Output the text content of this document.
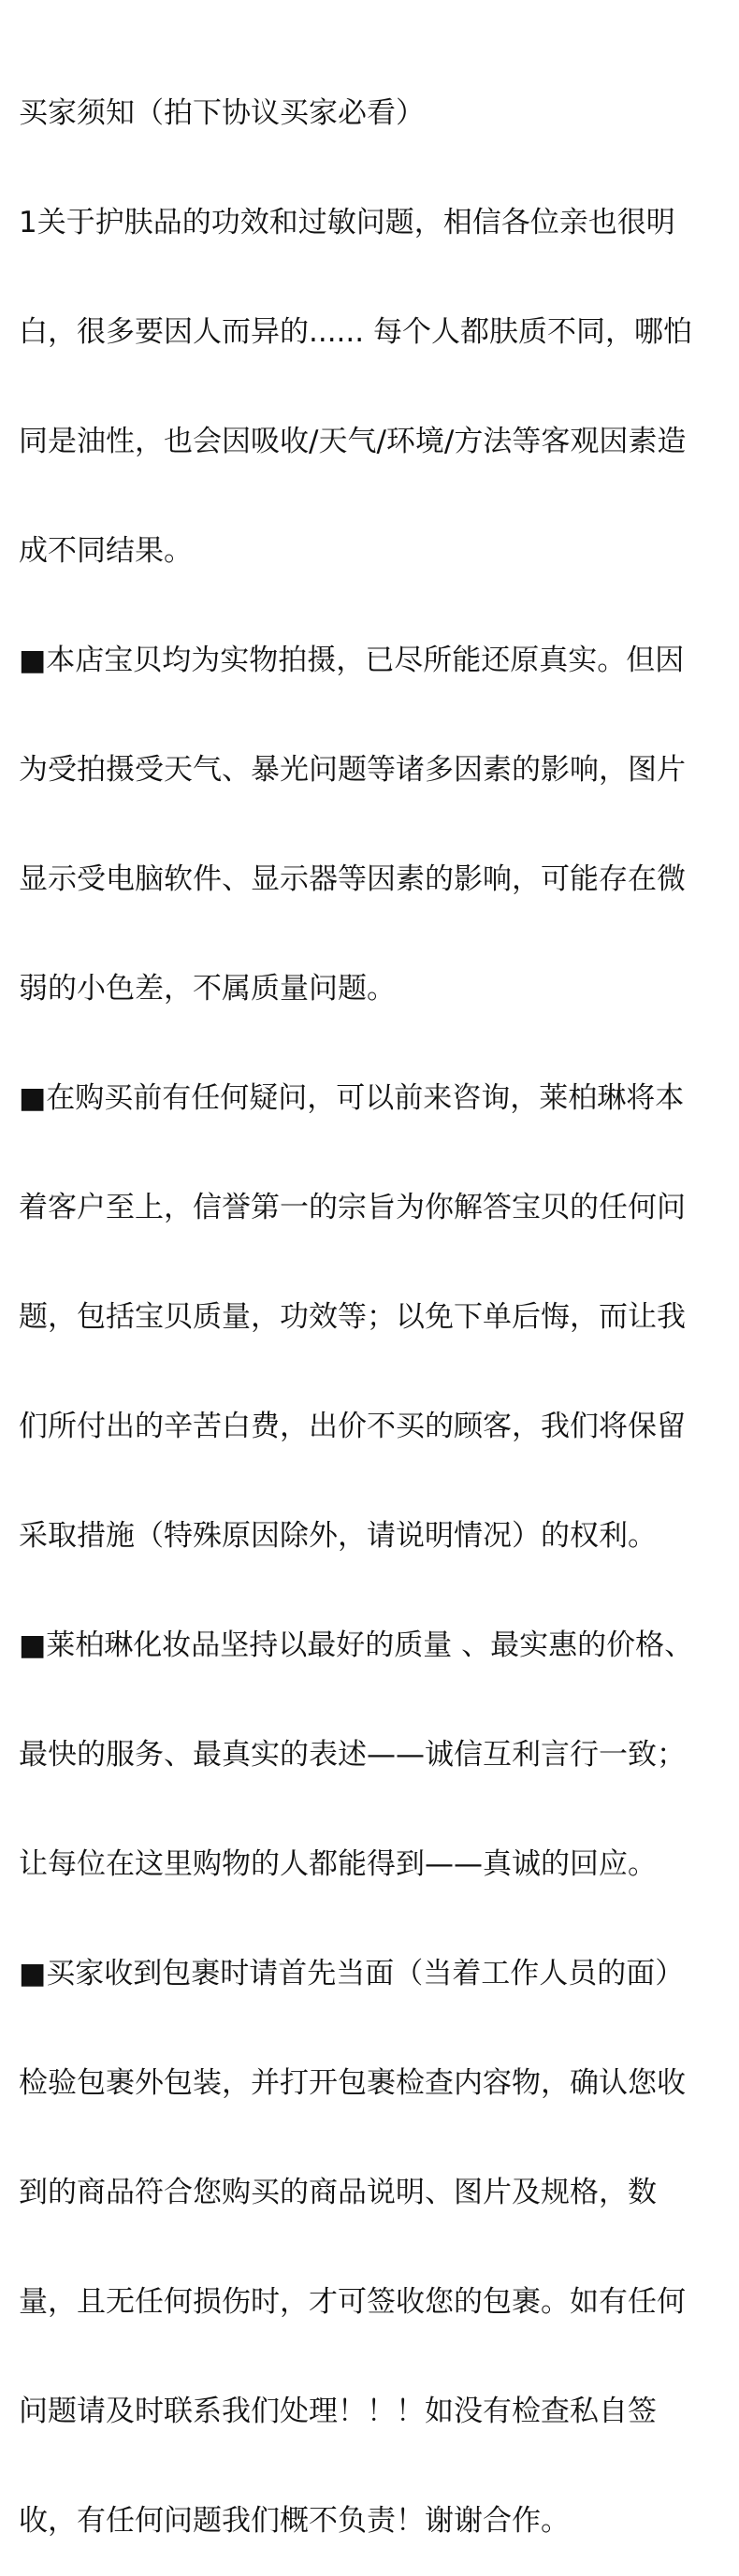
买家须知（拍下协议买家必看）

1关于护肤品的功效和过敏问题，相信各位亲也很明

白，很多要因人而异的...... 每个人都肤质不同，哪怕

同是油性，也会因吸收/天气/环境/方法等客观因素造

成不同结果。

■本店宝贝均为实物拍摄，已尽所能还原真实。但因

为受拍摄受天气、暴光问题等诸多因素的影响，图片

显示受电脑软件、显示器等因素的影响，可能存在微

弱的小色差，不属质量问题。

■在购买前有任何疑问，可以前来咨询，莱柏琳将本

着客户至上，信誉第一的宗旨为你解答宝贝的任何问

题，包括宝贝质量，功效等；以免下单后悔，而让我

们所付出的辛苦白费，出价不买的顾客，我们将保留

采取措施（特殊原因除外，请说明情况）的权利。

■莱柏琳化妆品坚持以最好的质量 、最实惠的价格、

最快的服务、最真实的表述——诚信互利言行一致；

让每位在这里购物的人都能得到——真诚的回应。

■买家收到包裹时请首先当面（当着工作人员的面）

检验包裹外包装，并打开包裹检查内容物，确认您收

到的商品符合您购买的商品说明、图片及规格，数

量，且无任何损伤时，才可签收您的包裹。如有任何

问题请及时联系我们处理！！！如没有检查私自签

收，有任何问题我们概不负责！谢谢合作。
